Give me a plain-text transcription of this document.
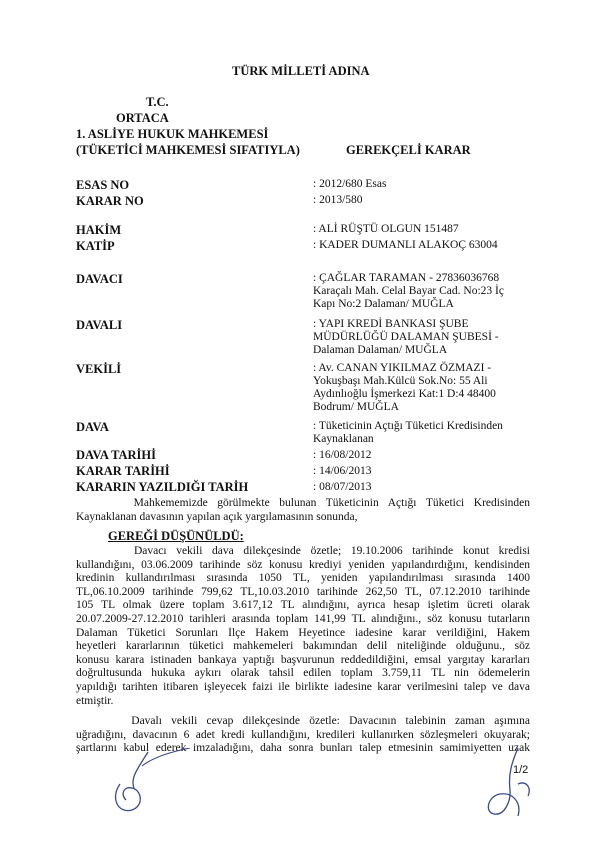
TÜRK MİLLETİ ADINA
T.C.
ORTACA
1. ASLİYE HUKUK MAHKEMESİ
(TÜKETİCİ MAHKEMESİ SIFATIYLA)	GEREKÇELİ KARAR
ESAS NO	: 2012/680 Esas
KARAR NO	: 2013/580
HAKİM	: ALİ RÜŞTÜ OLGUN 151487
KATİP	: KADER DUMANLI ALAKOÇ 63004
DAVACI	: ÇAĞLAR TARAMAN - 27836036768
Karaçalı Mah. Celal Bayar Cad. No:23 İç
Kapı No:2 Dalaman/ MUĞLA
DAVALI	: YAPI KREDİ BANKASI ŞUBE
MÜDÜRLÜĞÜ DALAMAN ŞUBESİ -
Dalaman Dalaman/ MUĞLA
VEKİLİ	: Av. CANAN YIKILMAZ ÖZMAZI -
Yokuşbaşı Mah.Külcü Sok.No: 55 Ali
Aydınlıoğlu İşmerkezi Kat:1 D:4 48400
Bodrum/ MUĞLA
DAVA	: Tüketicinin Açtığı Tüketici Kredisinden
Kaynaklanan
DAVA TARİHİ	: 16/08/2012
KARAR TARİHİ	: 14/06/2013
KARARIN YAZILDIĞI TARİH	: 08/07/2013
Mahkememizde  görülmekte  bulunan  Tüketicinin  Açtığı  Tüketici  Kredisinden
Kaynaklanan davasının yapılan açık yargılamasının sonunda,
GEREĞİ DÜŞÜNÜLDÜ:
Davacı  vekili  dava  dilekçesinde  özetle;  19.10.2006  tarihinde  konut  kredisi
kullandığını, 03.06.2009 tarihinde söz konusu krediyi yeniden yapılandırdığını, kendisinden
kredinin kullandırılması sırasında 1050 TL, yeniden yapılandırılması sırasında 1400
TL,06.10.2009 tarihinde 799,62 TL,10.03.2010 tarihinde 262,50 TL, 07.12.2010 tarihinde
105 TL olmak üzere toplam 3.617,12 TL alındığını, ayrıca hesap işletim ücreti olarak
20.07.2009-27.12.2010 tarihleri arasında toplam 141,99 TL alındığını., söz konusu tutarların
Dalaman Tüketici Sorunları İlçe Hakem Heyetince iadesine karar verildiğini, Hakem
heyetleri kararlarının tüketici mahkemeleri bakımından delil niteliğinde olduğunu., söz
konusu karara istinaden bankaya yaptığı başvurunun reddedildiğini, emsal yargıtay kararları
doğrultusunda hukuka aykırı olarak tahsil edilen toplam 3.759,11 TL nin ödemelerin
yapıldığı tarihten itibaren işleyecek faizi ile birlikte iadesine karar verilmesini talep ve dava
etmiştir.
Davalı  vekili  cevap  dilekçesinde  özetle:  Davacının  talebinin  zaman  aşımına
uğradığını, davacının 6 adet kredi kullandığını, kredileri kullanırken sözleşmeleri okuyarak;
şartlarını kabul ederek imzaladığını, daha sonra bunları talep etmesinin samimiyetten uzak
1/2
